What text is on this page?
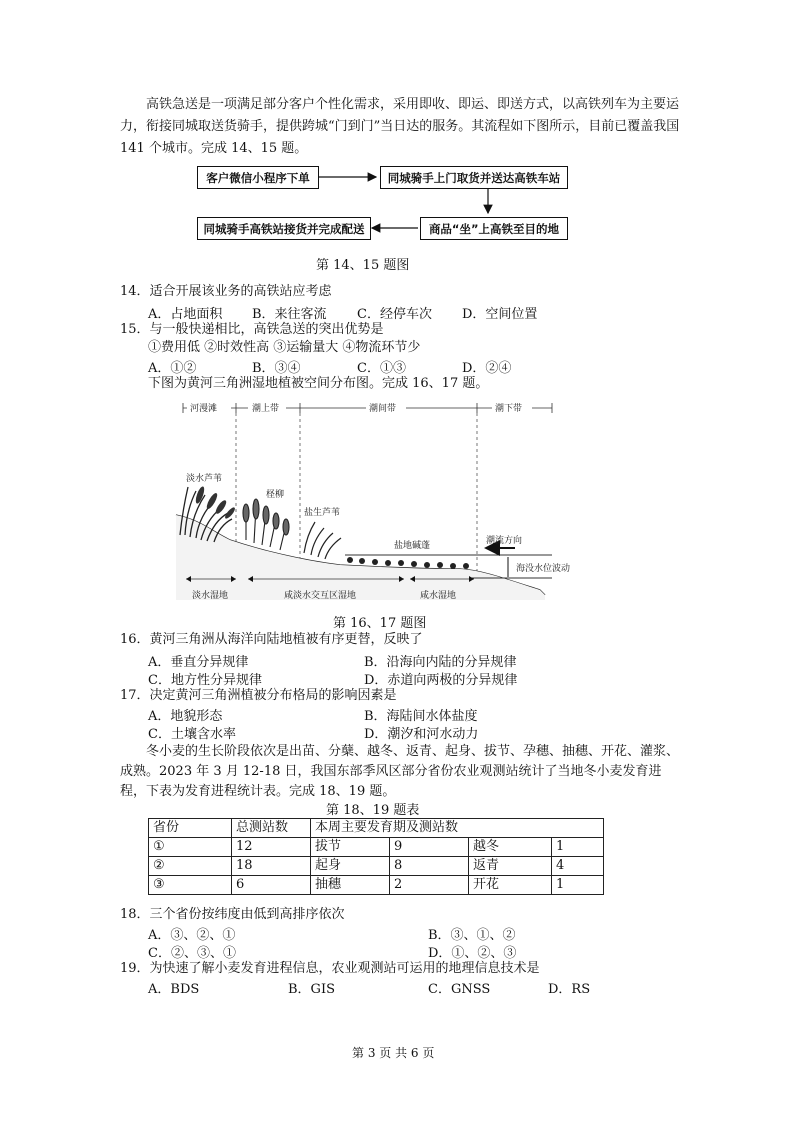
高铁急送是一项满足部分客户个性化需求，采用即收、即运、即送方式，以高铁列车为主要运力，衔接同城取送货骑手，提供跨城“门到门”当日达的服务。其流程如下图所示，目前已覆盖我国 141 个城市。完成 14、15 题。
客户微信小程序下单	同城骑手上门取货并送达高铁车站
同城骑手高铁站接货并完成配送	商品“坐”上高铁至目的地
第 14、15 题图
14．适合开展该业务的高铁站应考虑
A．占地面积 B．来往客流 C．经停车次 D．空间位置
15．与一般快递相比，高铁急送的突出优势是
①费用低 ②时效性高 ③运输量大 ④物流环节少
A．①②	B．③④	C．①③	D．②④
下图为黄河三角洲湿地植被空间分布图。完成 16、17 题。
河漫滩	潮上带	潮间带	潮下带
淡水芦苇
柽柳
盐生芦苇
盐地碱蓬	潮流方向
海没水位波动
淡水湿地	咸淡水交互区湿地	咸水湿地
第 16、17 题图
16．黄河三角洲从海洋向陆地植被有序更替，反映了
A．垂直分异规律	B．沿海向内陆的分异规律
C．地方性分异规律	D．赤道向两极的分异规律
17．决定黄河三角洲植被分布格局的影响因素是
A．地貌形态	B．海陆间水体盐度
C．土壤含水率	D．潮汐和河水动力
冬小麦的生长阶段依次是出苗、分蘖、越冬、返青、起身、拔节、孕穗、抽穗、开花、灌浆、成熟。2023 年 3 月 12-18 日，我国东部季风区部分省份农业观测站统计了当地冬小麦发育进程，下表为发育进程统计表。完成 18、19 题。
第 18、19 题表
省份	总测站数	本周主要发育期及测站数			
①	12	拔节	9	越冬	1
②	18	起身	8	返青	4
③	6	抽穗	2	开花	1
18．三个省份按纬度由低到高排序依次
A．③、②、①	B．③、①、②
C．②、③、①	D．①、②、③
19．为快速了解小麦发育进程信息，农业观测站可运用的地理信息技术是
A．BDS	B．GIS	C．GNSS	D．RS
第 3 页 共 6 页
